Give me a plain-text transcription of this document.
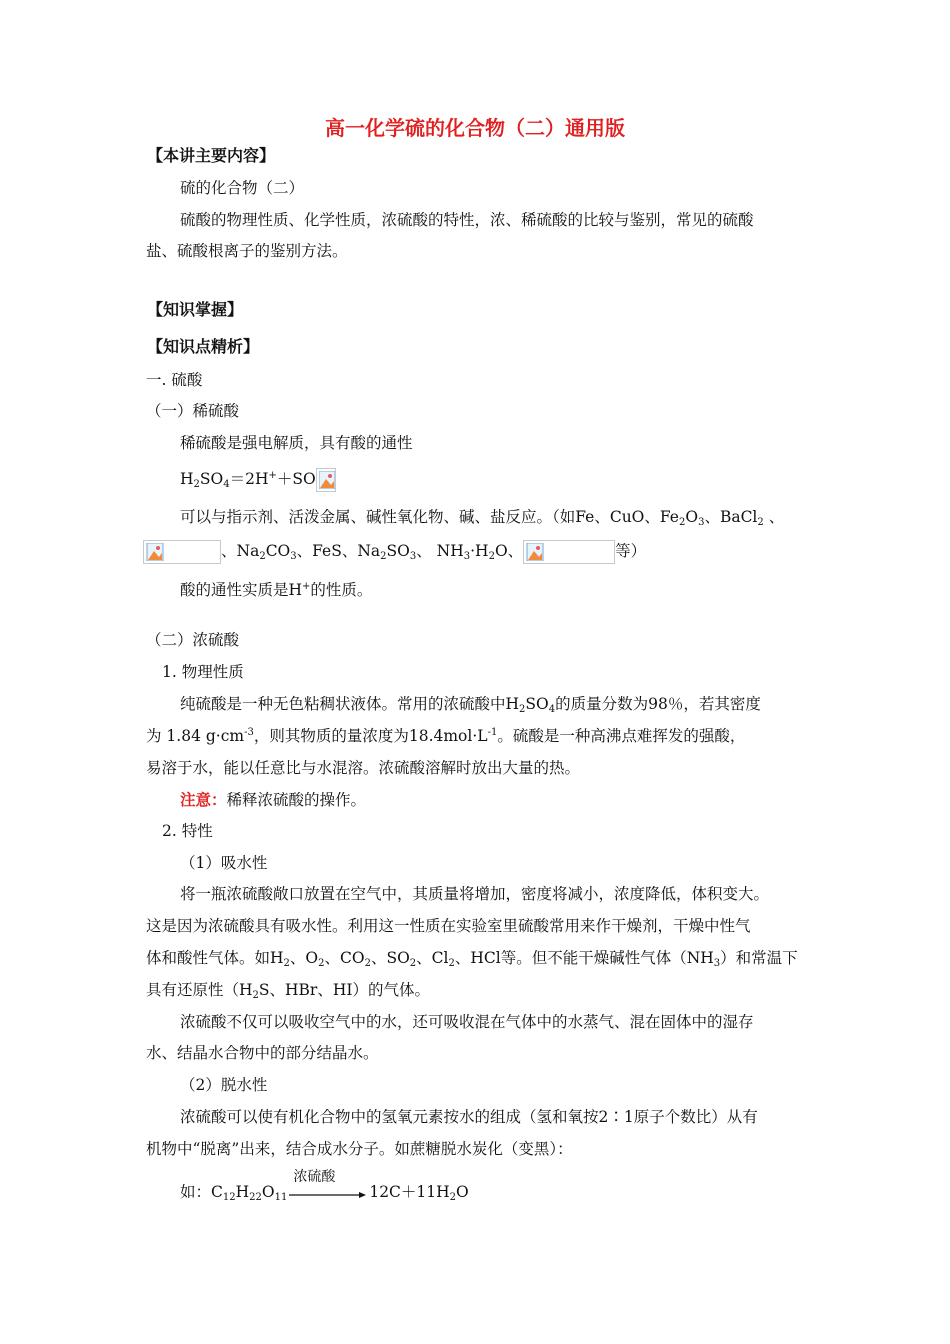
高一化学硫的化合物（二）通用版
【本讲主要内容】
硫的化合物（二）
硫酸的物理性质、化学性质，浓硫酸的特性，浓、稀硫酸的比较与鉴别，常见的硫酸
盐、硫酸根离子的鉴别方法。
【知识掌握】
【知识点精析】
一. 硫酸
（一）稀硫酸
稀硫酸是强电解质，具有酸的通性
$H_2SO_4=2H^++SO$
可以与指示剂、活泼金属、碱性氧化物、碱、盐反应。（如Fe、CuO、$Fe_2O_3$、BaCl$_2$ 、
、$Na_2CO_3$、FeS、$Na_2SO_3$、 $NH_3\cdot H_2O$、	等）
酸的通性实质是H+的性质。
（二）浓硫酸
1. 物理性质
纯硫酸是一种无色粘稠状液体。常用的浓硫酸中$H_2SO_4$的质量分数为98％，若其密度
为 1.84 $g\cdot cm^{-3}$，则其物质的量浓度为$18.4mol\cdot L^{-1}$。硫酸是一种高沸点难挥发的强酸，
易溶于水，能以任意比与水混溶。浓硫酸溶解时放出大量的热。
注意：稀释浓硫酸的操作。
2. 特性
（1）吸水性
将一瓶浓硫酸敞口放置在空气中，其质量将增加，密度将减小，浓度降低，体积变大。
这是因为浓硫酸具有吸水性。利用这一性质在实验室里硫酸常用来作干燥剂，干燥中性气
体和酸性气体。如$H_2$、$O_2$、$CO_2$、$SO_2$、$Cl_2$、HCl等。但不能干燥碱性气体$(NH_3)$和常温下
具有还原性（$H_2S$、HBr、HI）的气体。
浓硫酸不仅可以吸收空气中的水，还可吸收混在气体中的水蒸气、混在固体中的湿存
水、结晶水合物中的部分结晶水。
（2）脱水性
浓硫酸可以使有机化合物中的氢氧元素按水的组成（氢和氧按2∶1原子个数比）从有
机物中“脱离”出来，结合成水分子。如蔗糖脱水炭化（变黑）：
如：$C_{12}H_{22}O_{11}$
浓硫酸
$12C+11H_2O$
